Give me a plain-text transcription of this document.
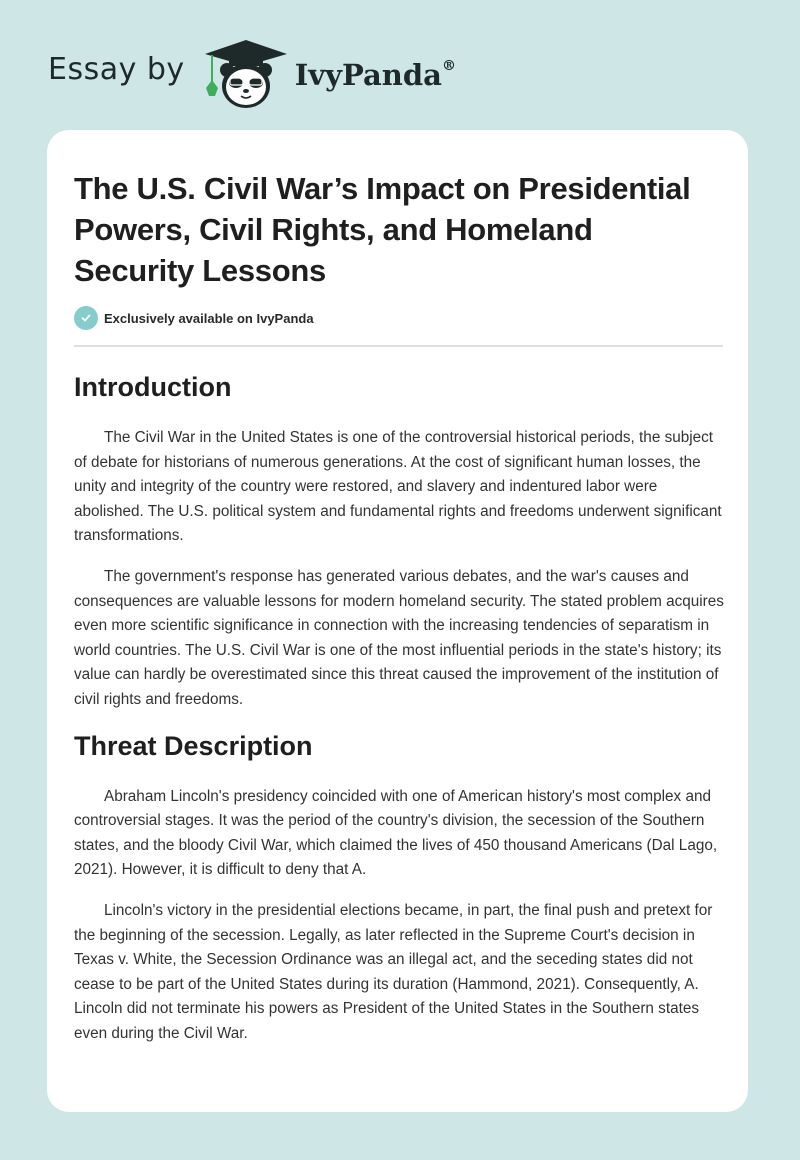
Essay by	IvyPanda®
The U.S. Civil War’s Impact on Presidential Powers, Civil Rights, and Homeland Security Lessons
Exclusively available on IvyPanda
Introduction

The Civil War in the United States is one of the controversial historical periods, the subject of debate for historians of numerous generations. At the cost of significant human losses, the unity and integrity of the country were restored, and slavery and indentured labor were abolished. The U.S. political system and fundamental rights and freedoms underwent significant transformations.

The government's response has generated various debates, and the war's causes and consequences are valuable lessons for modern homeland security. The stated problem acquires even more scientific significance in connection with the increasing tendencies of separatism in world countries. The U.S. Civil War is one of the most influential periods in the state's history; its value can hardly be overestimated since this threat caused the improvement of the institution of civil rights and freedoms.

Threat Description

Abraham Lincoln's presidency coincided with one of American history's most complex and controversial stages. It was the period of the country's division, the secession of the Southern states, and the bloody Civil War, which claimed the lives of 450 thousand Americans (Dal Lago, 2021). However, it is difficult to deny that A.

Lincoln's victory in the presidential elections became, in part, the final push and pretext for the beginning of the secession. Legally, as later reflected in the Supreme Court's decision in Texas v. White, the Secession Ordinance was an illegal act, and the seceding states did not cease to be part of the United States during its duration (Hammond, 2021). Consequently, A. Lincoln did not terminate his powers as President of the United States in the Southern states even during the Civil War.
